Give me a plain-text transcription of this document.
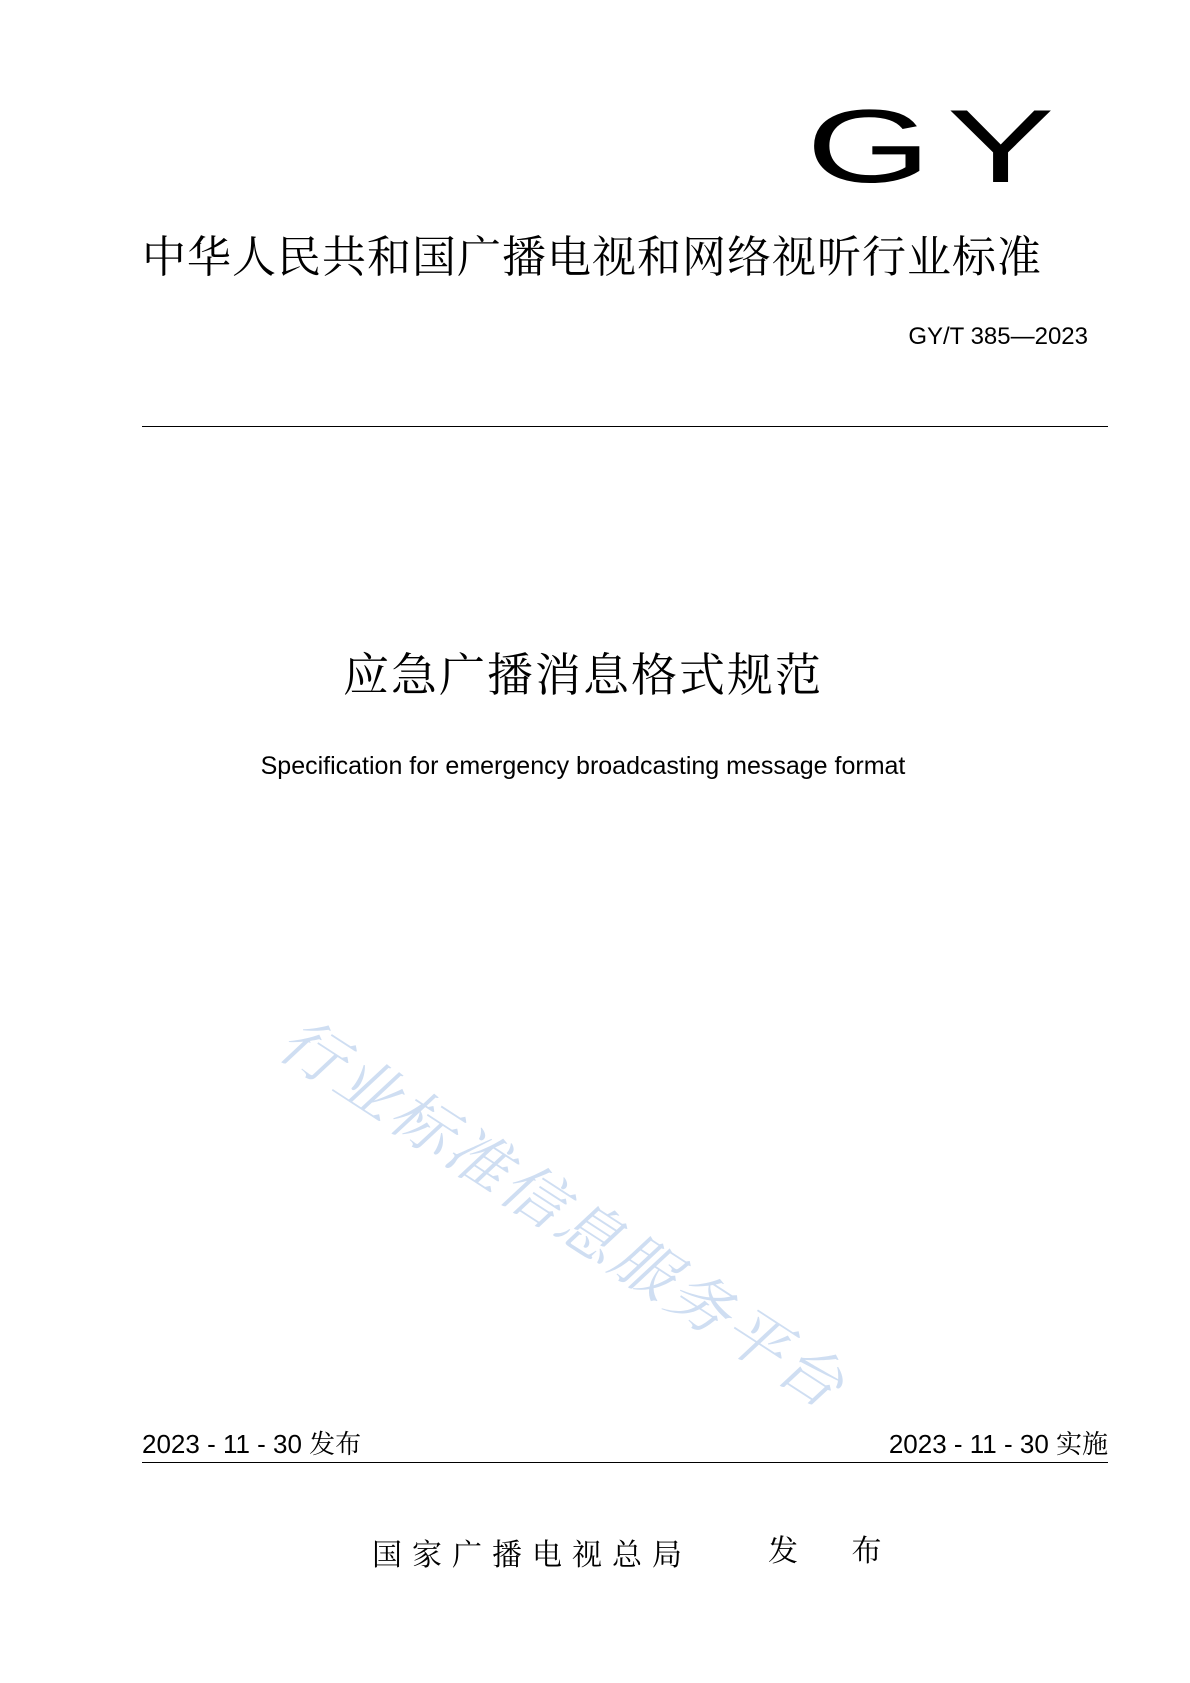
GY
中华人民共和国广播电视和网络视听行业标准
GY/T 385—2023
应急广播消息格式规范
Specification for emergency broadcasting message format
行业标准信息服务平台
2023 - 11 - 30 发布	2023 - 11 - 30 实施
国家广播电视总局	发 布
